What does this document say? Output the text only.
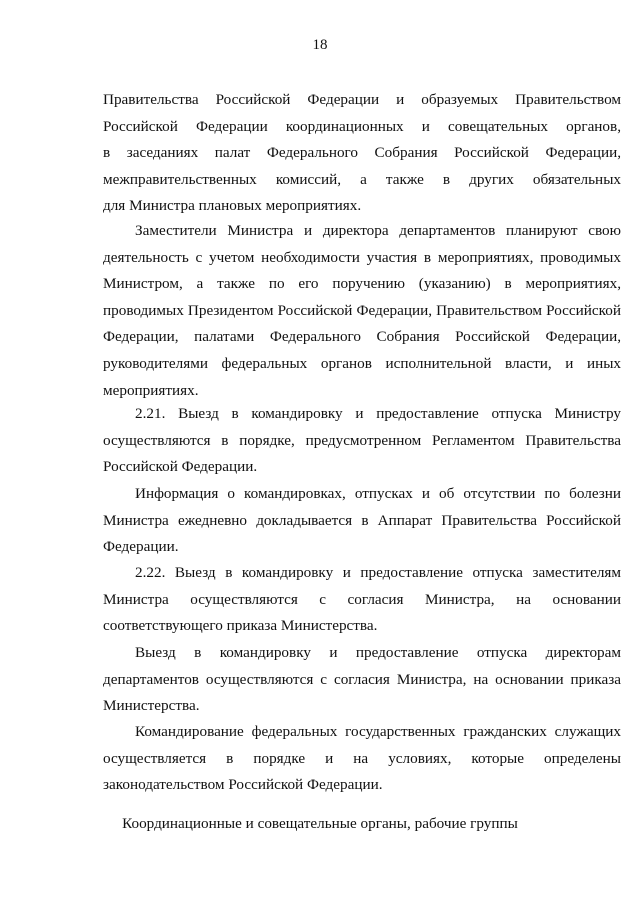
18
Правительства Российской Федерации и образуемых Правительством
Российской Федерации координационных и совещательных органов,
в заседаниях палат Федерального Собрания Российской Федерации,
межправительственных комиссий, а также в других обязательных
для Министра плановых мероприятиях.
Заместители Министра и директора департаментов планируют свою
деятельность с учетом необходимости участия в мероприятиях, проводимых
Министром, а также по его поручению (указанию) в мероприятиях,
проводимых Президентом Российской Федерации, Правительством Российской
Федерации, палатами Федерального Собрания Российской Федерации,
руководителями федеральных органов исполнительной власти, и иных
мероприятиях.
2.21. Выезд в командировку и предоставление отпуска Министру
осуществляются в порядке, предусмотренном Регламентом Правительства
Российской Федерации.
Информация о командировках, отпусках и об отсутствии по болезни
Министра ежедневно докладывается в Аппарат Правительства Российской
Федерации.
2.22. Выезд в командировку и предоставление отпуска заместителям
Министра осуществляются с согласия Министра, на основании
соответствующего приказа Министерства.
Выезд в командировку и предоставление отпуска директорам
департаментов осуществляются с согласия Министра, на основании приказа
Министерства.
Командирование федеральных государственных гражданских служащих
осуществляется в порядке и на условиях, которые определены
законодательством Российской Федерации.
Координационные и совещательные органы, рабочие группы
